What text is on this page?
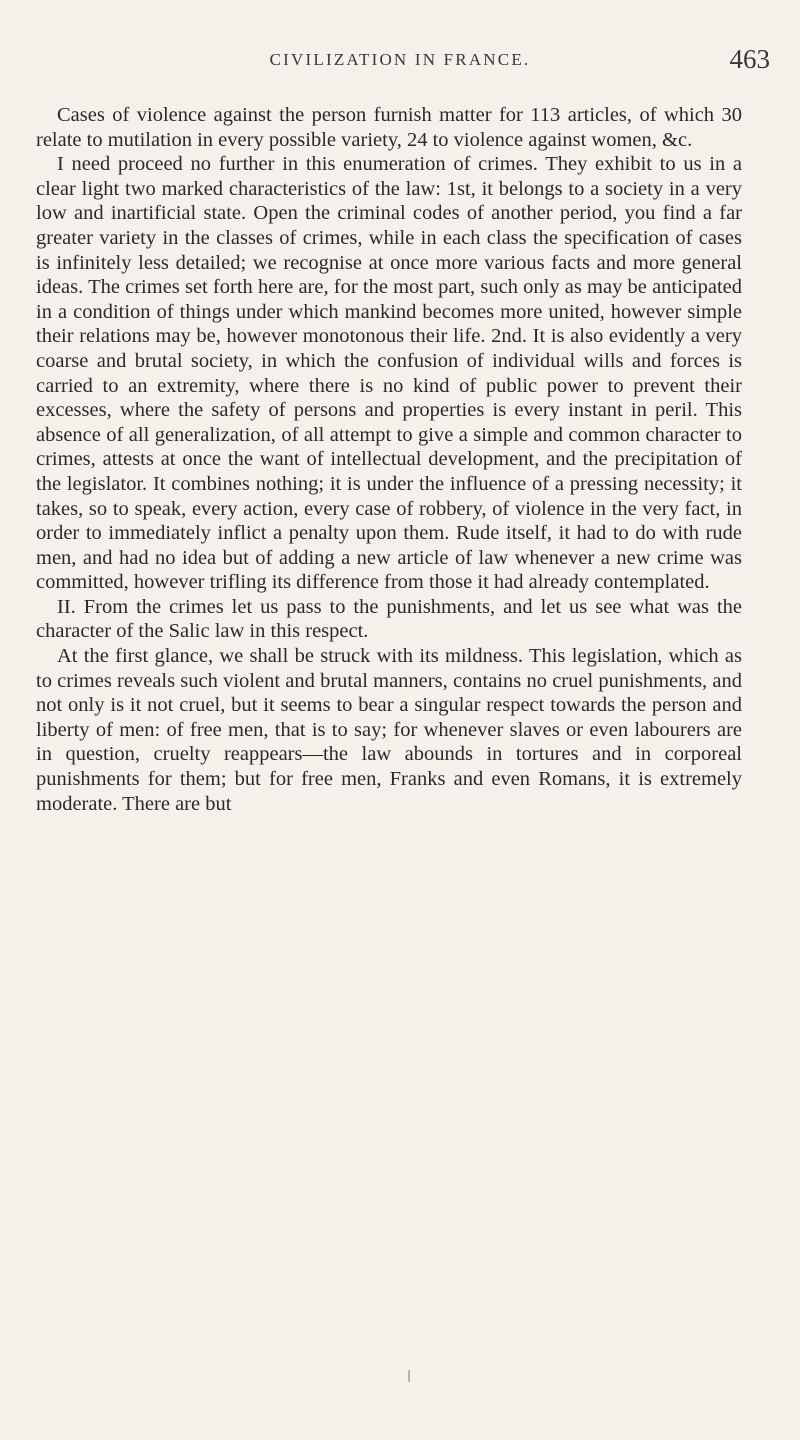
CIVILIZATION IN FRANCE.	463

Cases of violence against the person furnish matter for 113 articles, of which 30 relate to mutilation in every possible variety, 24 to violence against women, &c.

I need proceed no further in this enumeration of crimes. They exhibit to us in a clear light two marked characteristics of the law: 1st, it belongs to a society in a very low and inartificial state. Open the criminal codes of another period, you find a far greater variety in the classes of crimes, while in each class the specification of cases is infinitely less detailed; we recognise at once more various facts and more general ideas. The crimes set forth here are, for the most part, such only as may be anticipated in a condition of things under which mankind becomes more united, however simple their relations may be, however monotonous their life. 2nd. It is also evidently a very coarse and brutal society, in which the confusion of individual wills and forces is carried to an extremity, where there is no kind of public power to prevent their excesses, where the safety of persons and properties is every instant in peril. This absence of all generalization, of all attempt to give a simple and common character to crimes, attests at once the want of intellectual development, and the precipitation of the legislator. It combines nothing; it is under the influence of a pressing necessity; it takes, so to speak, every action, every case of robbery, of violence in the very fact, in order to immediately inflict a penalty upon them. Rude itself, it had to do with rude men, and had no idea but of adding a new article of law whenever a new crime was committed, however trifling its difference from those it had already contemplated.

II. From the crimes let us pass to the punishments, and let us see what was the character of the Salic law in this respect.

At the first glance, we shall be struck with its mildness. This legislation, which as to crimes reveals such violent and brutal manners, contains no cruel punishments, and not only is it not cruel, but it seems to bear a singular respect towards the person and liberty of men: of free men, that is to say; for whenever slaves or even labourers are in question, cruelty reappears—the law abounds in tortures and in corporeal punishments for them; but for free men, Franks and even Romans, it is extremely moderate. There are but
